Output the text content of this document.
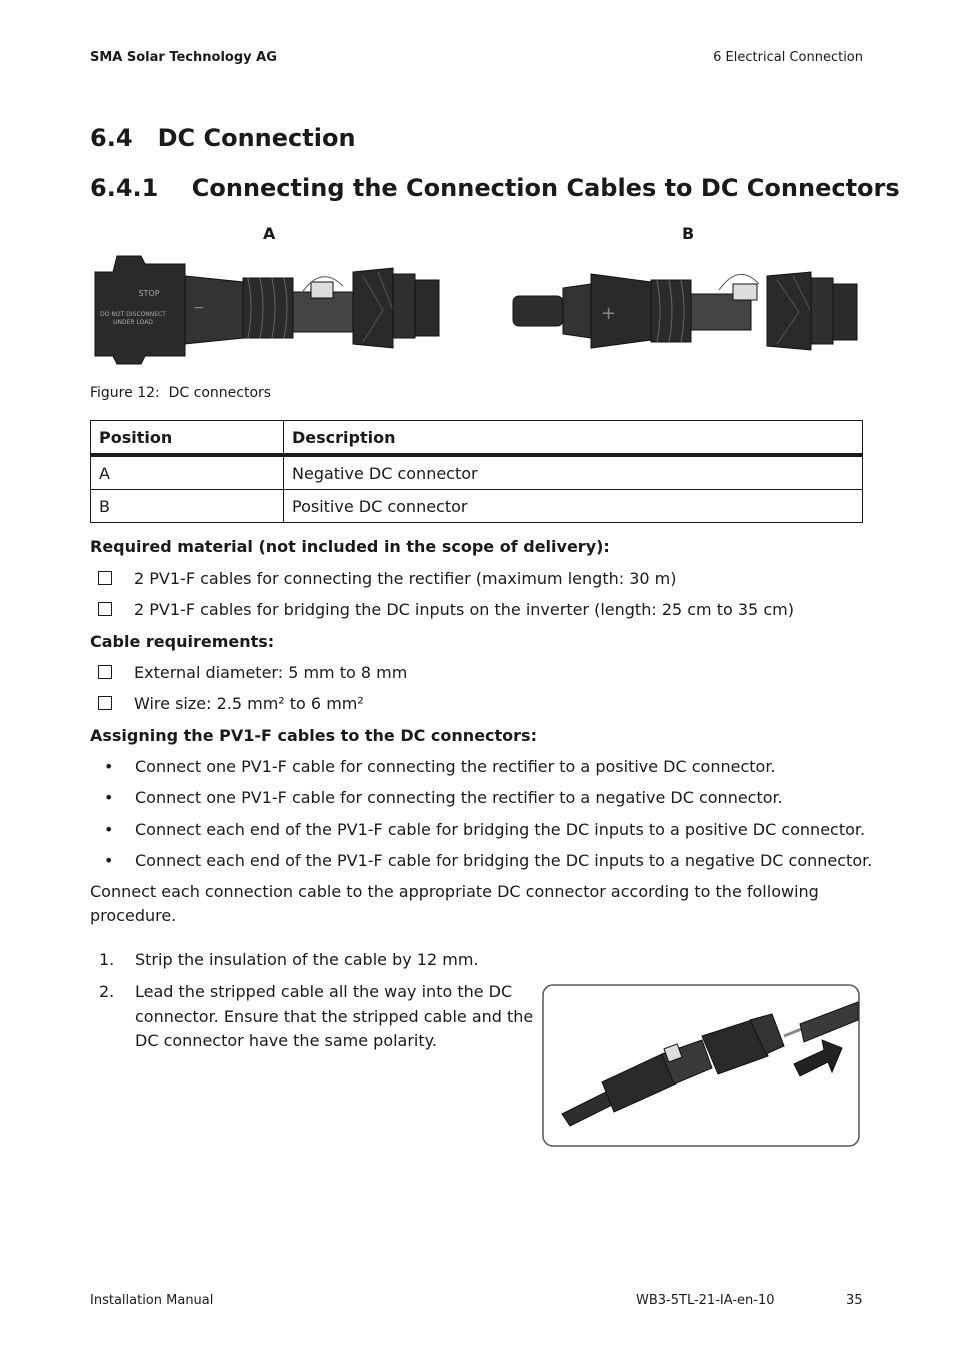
SMA Solar Technology AG	6 Electrical Connection
6.4   DC Connection
6.4.1    Connecting the Connection Cables to DC Connectors
A	B
STOP
DO NOT DISCONNECT
UNDER LOAD
−	+
Figure 12:  DC connectors
Position	Description
A	Negative DC connector
B	Positive DC connector
Required material (not included in the scope of delivery):
2 PV1-F cables for connecting the rectifier (maximum length: 30 m)
2 PV1-F cables for bridging the DC inputs on the inverter (length: 25 cm to 35 cm)
Cable requirements:
External diameter: 5 mm to 8 mm
Wire size: 2.5 mm² to 6 mm²
Assigning the PV1-F cables to the DC connectors:
• Connect one PV1-F cable for connecting the rectifier to a positive DC connector.
• Connect one PV1-F cable for connecting the rectifier to a negative DC connector.
• Connect each end of the PV1-F cable for bridging the DC inputs to a positive DC connector.
• Connect each end of the PV1-F cable for bridging the DC inputs to a negative DC connector.
Connect each connection cable to the appropriate DC connector according to the following procedure.
1. Strip the insulation of the cable by 12 mm.
2. Lead the stripped cable all the way into the DC
connector. Ensure that the stripped cable and the
DC connector have the same polarity.
Installation Manual	WB3-5TL-21-IA-en-10	35
